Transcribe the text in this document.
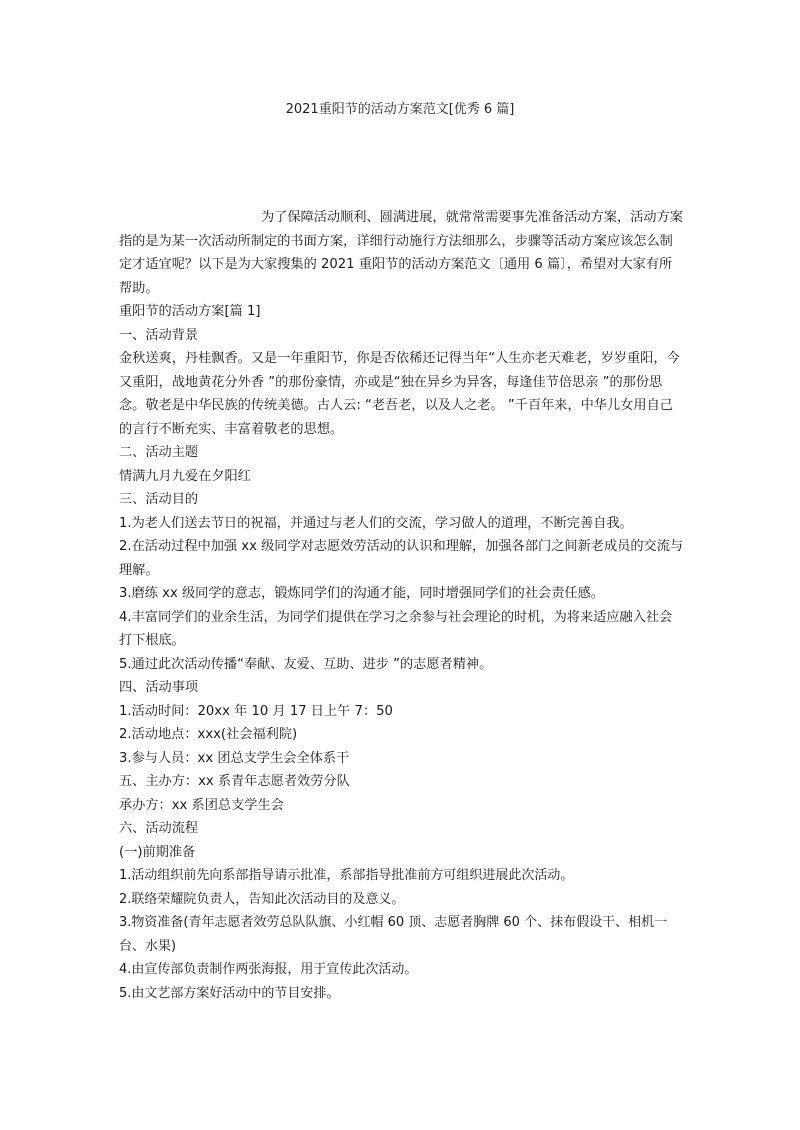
2021重阳节的活动方案范文[优秀 6 篇]

为了保障活动顺利、圆满进展，就常常需要事先准备活动方案，活动方案指的是为某一次活动所制定的书面方案，详细行动施行方法细那么，步骤等活动方案应该怎么制定才适宜呢？以下是为大家搜集的 2021 重阳节的活动方案范文〔通用 6 篇〕，希望对大家有所帮助。

重阳节的活动方案[篇 1]

一、活动背景

金秋送爽，丹桂飘香。又是一年重阳节，你是否依稀还记得当年“人生亦老天难老，岁岁重阳，今又重阳，战地黄花分外香 ”的那份豪情，亦或是“独在异乡为异客，每逢佳节倍思亲 ”的那份思念。敬老是中华民族的传统美德。古人云: “老吾老，以及人之老。 ”千百年来，中华儿女用自己的言行不断充实、丰富着敬老的思想。

二、活动主题

情满九月九爱在夕阳红

三、活动目的

1.为老人们送去节日的祝福，并通过与老人们的交流，学习做人的道理，不断完善自我。

2.在活动过程中加强 xx 级同学对志愿效劳活动的认识和理解，加强各部门之间新老成员的交流与理解。

3.磨练 xx 级同学的意志，锻炼同学们的沟通才能，同时增强同学们的社会责任感。

4.丰富同学们的业余生活，为同学们提供在学习之余参与社会理论的时机，为将来适应融入社会打下根底。

5.通过此次活动传播“奉献、友爱、互助、进步 ”的志愿者精神。

四、活动事项

1.活动时间：20xx 年 10 月 17 日上午 7：50

2.活动地点：xxx(社会福利院)

3.参与人员：xx 团总支学生会全体系干

五、主办方：xx 系青年志愿者效劳分队

承办方：xx 系团总支学生会

六、活动流程

(一)前期准备

1.活动组织前先向系部指导请示批准，系部指导批准前方可组织进展此次活动。

2.联络荣耀院负责人，告知此次活动目的及意义。

3.物资准备(青年志愿者效劳总队队旗、小红帽 60 顶、志愿者胸牌 60 个、抹布假设干、相机一台、水果)

4.由宣传部负责制作两张海报，用于宣传此次活动。

5.由文艺部方案好活动中的节目安排。
